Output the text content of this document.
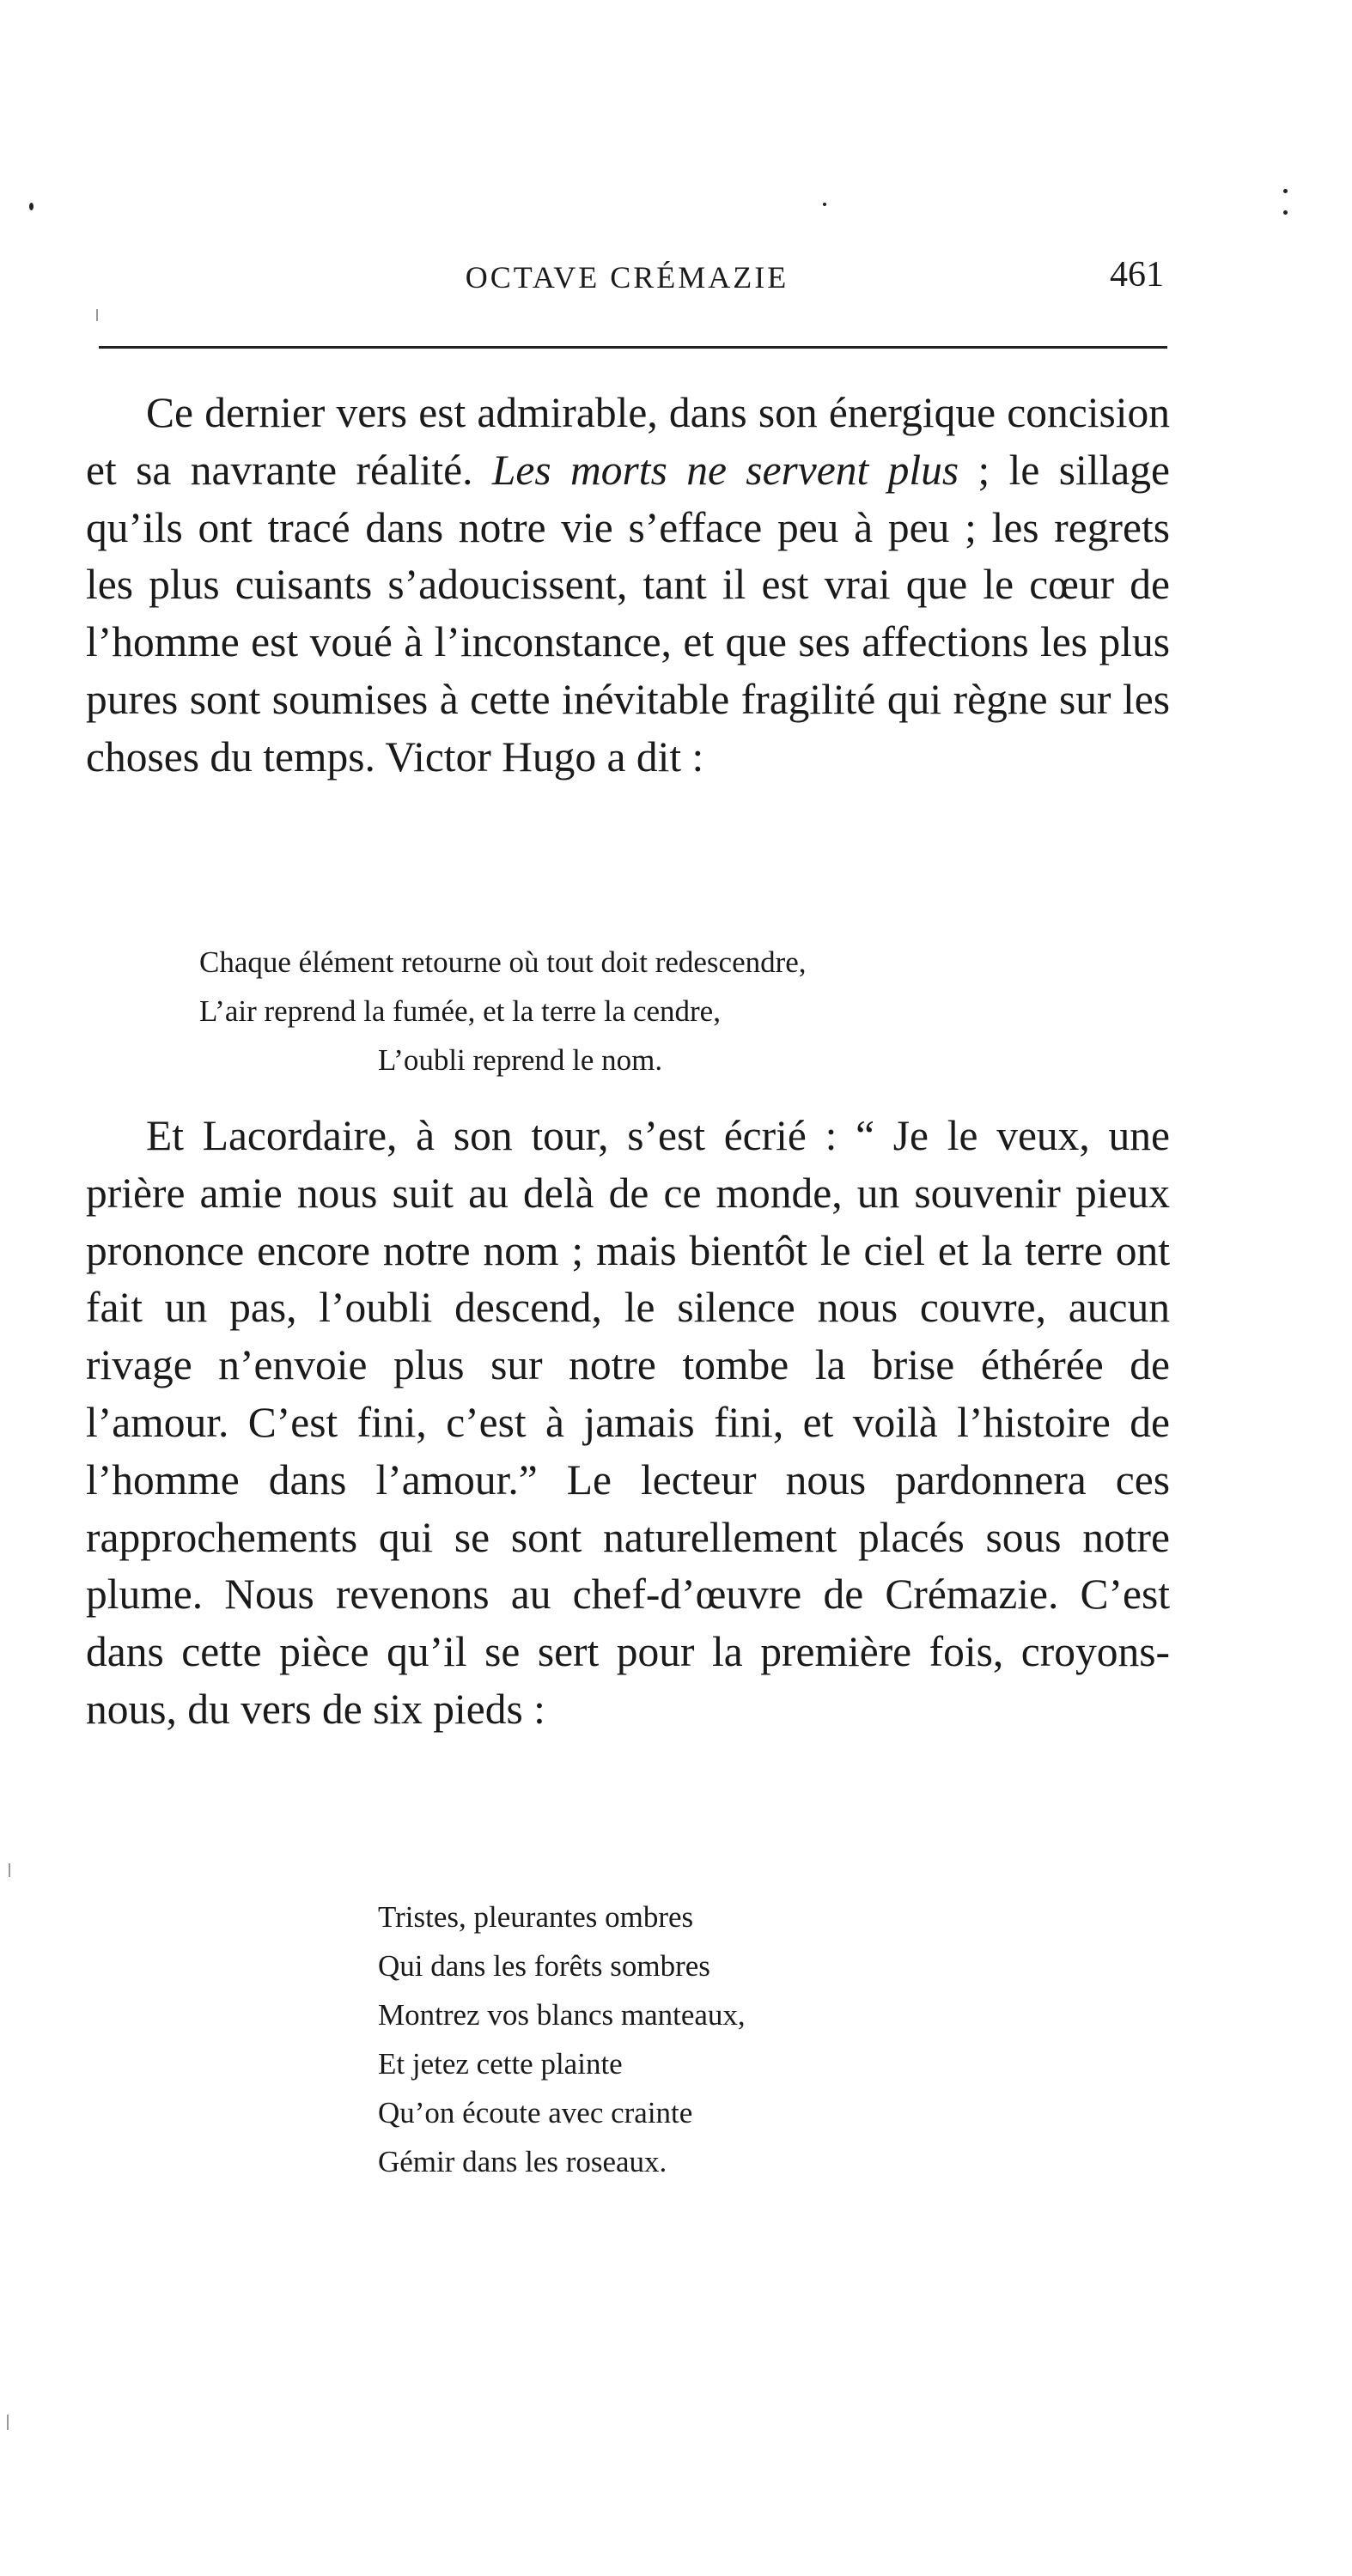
OCTAVE CRÉMAZIE	461

Ce dernier vers est admirable, dans son énergique concision et sa navrante réalité. Les morts ne servent plus ; le sillage qu’ils ont tracé dans notre vie s’efface peu à peu ; les regrets les plus cuisants s’adoucissent, tant il est vrai que le cœur de l’homme est voué à l’inconstance, et que ses affections les plus pures sont soumises à cette inévitable fragilité qui règne sur les choses du temps. Victor Hugo a dit :

Chaque élément retourne où tout doit redescendre,
L’air reprend la fumée, et la terre la cendre,
L’oubli reprend le nom.

Et Lacordaire, à son tour, s’est écrié : “ Je le veux, une prière amie nous suit au delà de ce monde, un souvenir pieux prononce encore notre nom ; mais bientôt le ciel et la terre ont fait un pas, l’oubli descend, le silence nous couvre, aucun rivage n’envoie plus sur notre tombe la brise éthérée de l’amour. C’est fini, c’est à jamais fini, et voilà l’histoire de l’homme dans l’amour.” Le lecteur nous pardonnera ces rapprochements qui se sont naturellement placés sous notre plume. Nous revenons au chef-d’œuvre de Crémazie. C’est dans cette pièce qu’il se sert pour la première fois, croyons-nous, du vers de six pieds :

Tristes, pleurantes ombres
Qui dans les forêts sombres
Montrez vos blancs manteaux,
Et jetez cette plainte
Qu’on écoute avec crainte
Gémir dans les roseaux.
